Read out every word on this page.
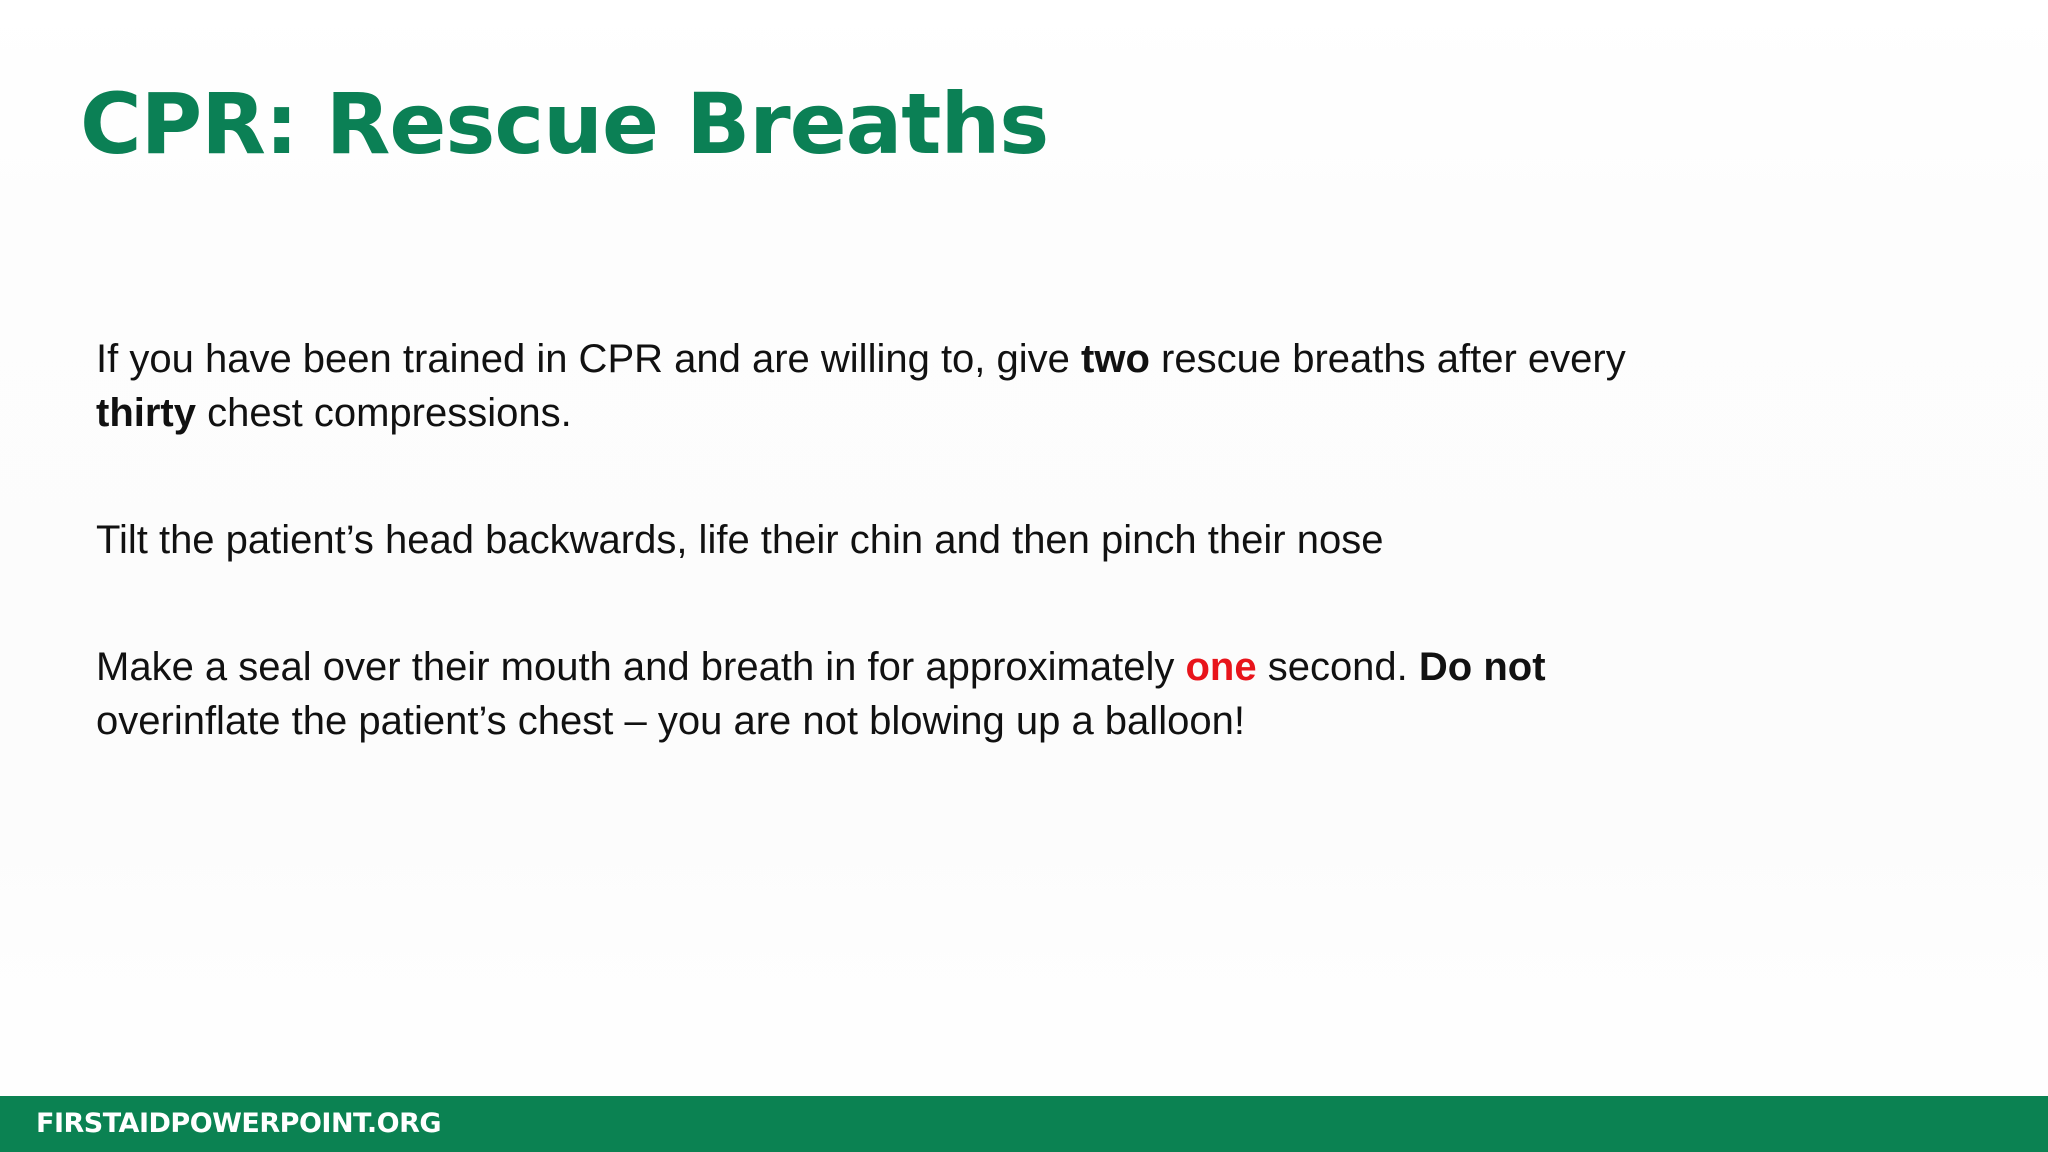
CPR: Rescue Breaths

If you have been trained in CPR and are willing to, give two rescue breaths after every
thirty chest compressions.

Tilt the patient’s head backwards, life their chin and then pinch their nose

Make a seal over their mouth and breath in for approximately one second. Do not
overinflate the patient’s chest – you are not blowing up a balloon!

FIRSTAIDPOWERPOINT.ORG
